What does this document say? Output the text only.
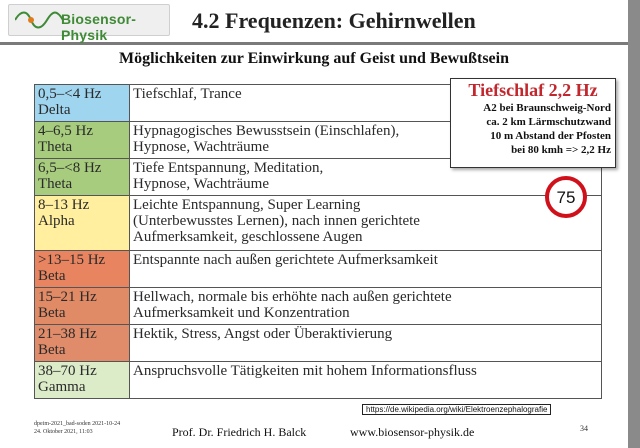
Biosensor-Physik
4.2 Frequenzen: Gehirnwellen
Möglichkeiten zur Einwirkung auf Geist und Bewußtsein
0,5–<4 Hz
Delta	Tiefschlaf, Trance
4–6,5 Hz
Theta	Hypnagogisches Bewusstsein (Einschlafen), Hypnose, Wachträume

6,5–<8 Hz
Theta	Tiefe Entspannung, Meditation, Hypnose, Wachträume

8–13 Hz
Alpha	Leichte Entspannung, Super Learning (Unterbewusstes Lernen), nach innen gerichtete Aufmerksamkeit, geschlossene Augen

>13–15 Hz
Beta	Entspannte nach außen gerichtete Aufmerksamkeit
15–21 Hz
Beta	Hellwach, normale bis erhöhte nach außen gerichtete Aufmerksamkeit und Konzentration

21–38 Hz
Beta	Hektik, Stress, Angst oder Überaktivierung
38–70 Hz
Gamma	Anspruchsvolle Tätigkeiten mit hohem Informationsfluss
Tiefschlaf 2,2 Hz
A2 bei Braunschweig-Nord
ca. 2 km Lärmschutzwand
10 m Abstand der Pfosten
bei 80 kmh => 2,2 Hz
75
https://de.wikipedia.org/wiki/Elektroenzephalografie
dpeim-2021_bad-soden 2021-10-24
24. Oktober 2021, 11:03	Prof. Dr. Friedrich H. Balck	www.biosensor-physik.de	34
